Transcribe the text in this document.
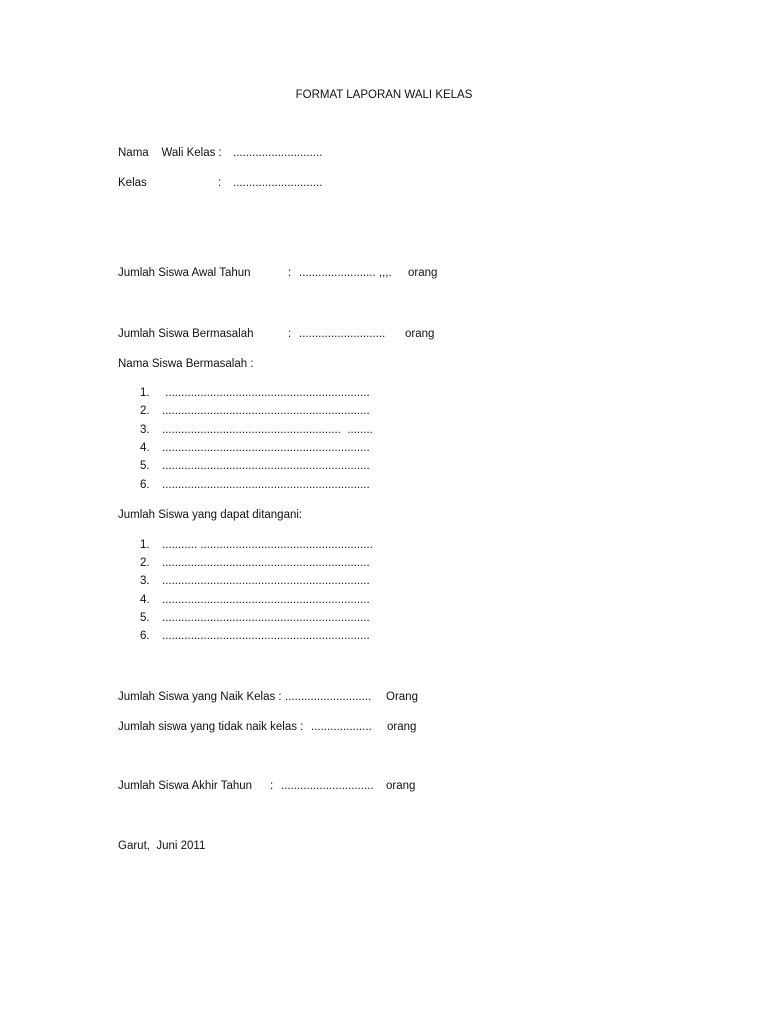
FORMAT LAPORAN WALI KELAS
Nama    Wali Kelas : ............................
Kelas	: ............................
Jumlah Siswa Awal Tahun	: ........................ ,,,. orang
Jumlah Siswa Bermasalah	: ........................... orang
Nama Siswa Bermasalah :
1. ................................................................
2. .................................................................
3. ........................................................  ........
4. .................................................................
5. .................................................................
6. .................................................................
Jumlah Siswa yang dapat ditangani:
1. ........... ......................................................
2. .................................................................
3. .................................................................
4. .................................................................
5. .................................................................
6. .................................................................
Jumlah Siswa yang Naik Kelas : ........................... Orang
Jumlah siswa yang tidak naik kelas : ................... orang
Jumlah Siswa Akhir Tahun : ............................. orang
Garut,  Juni 2011
